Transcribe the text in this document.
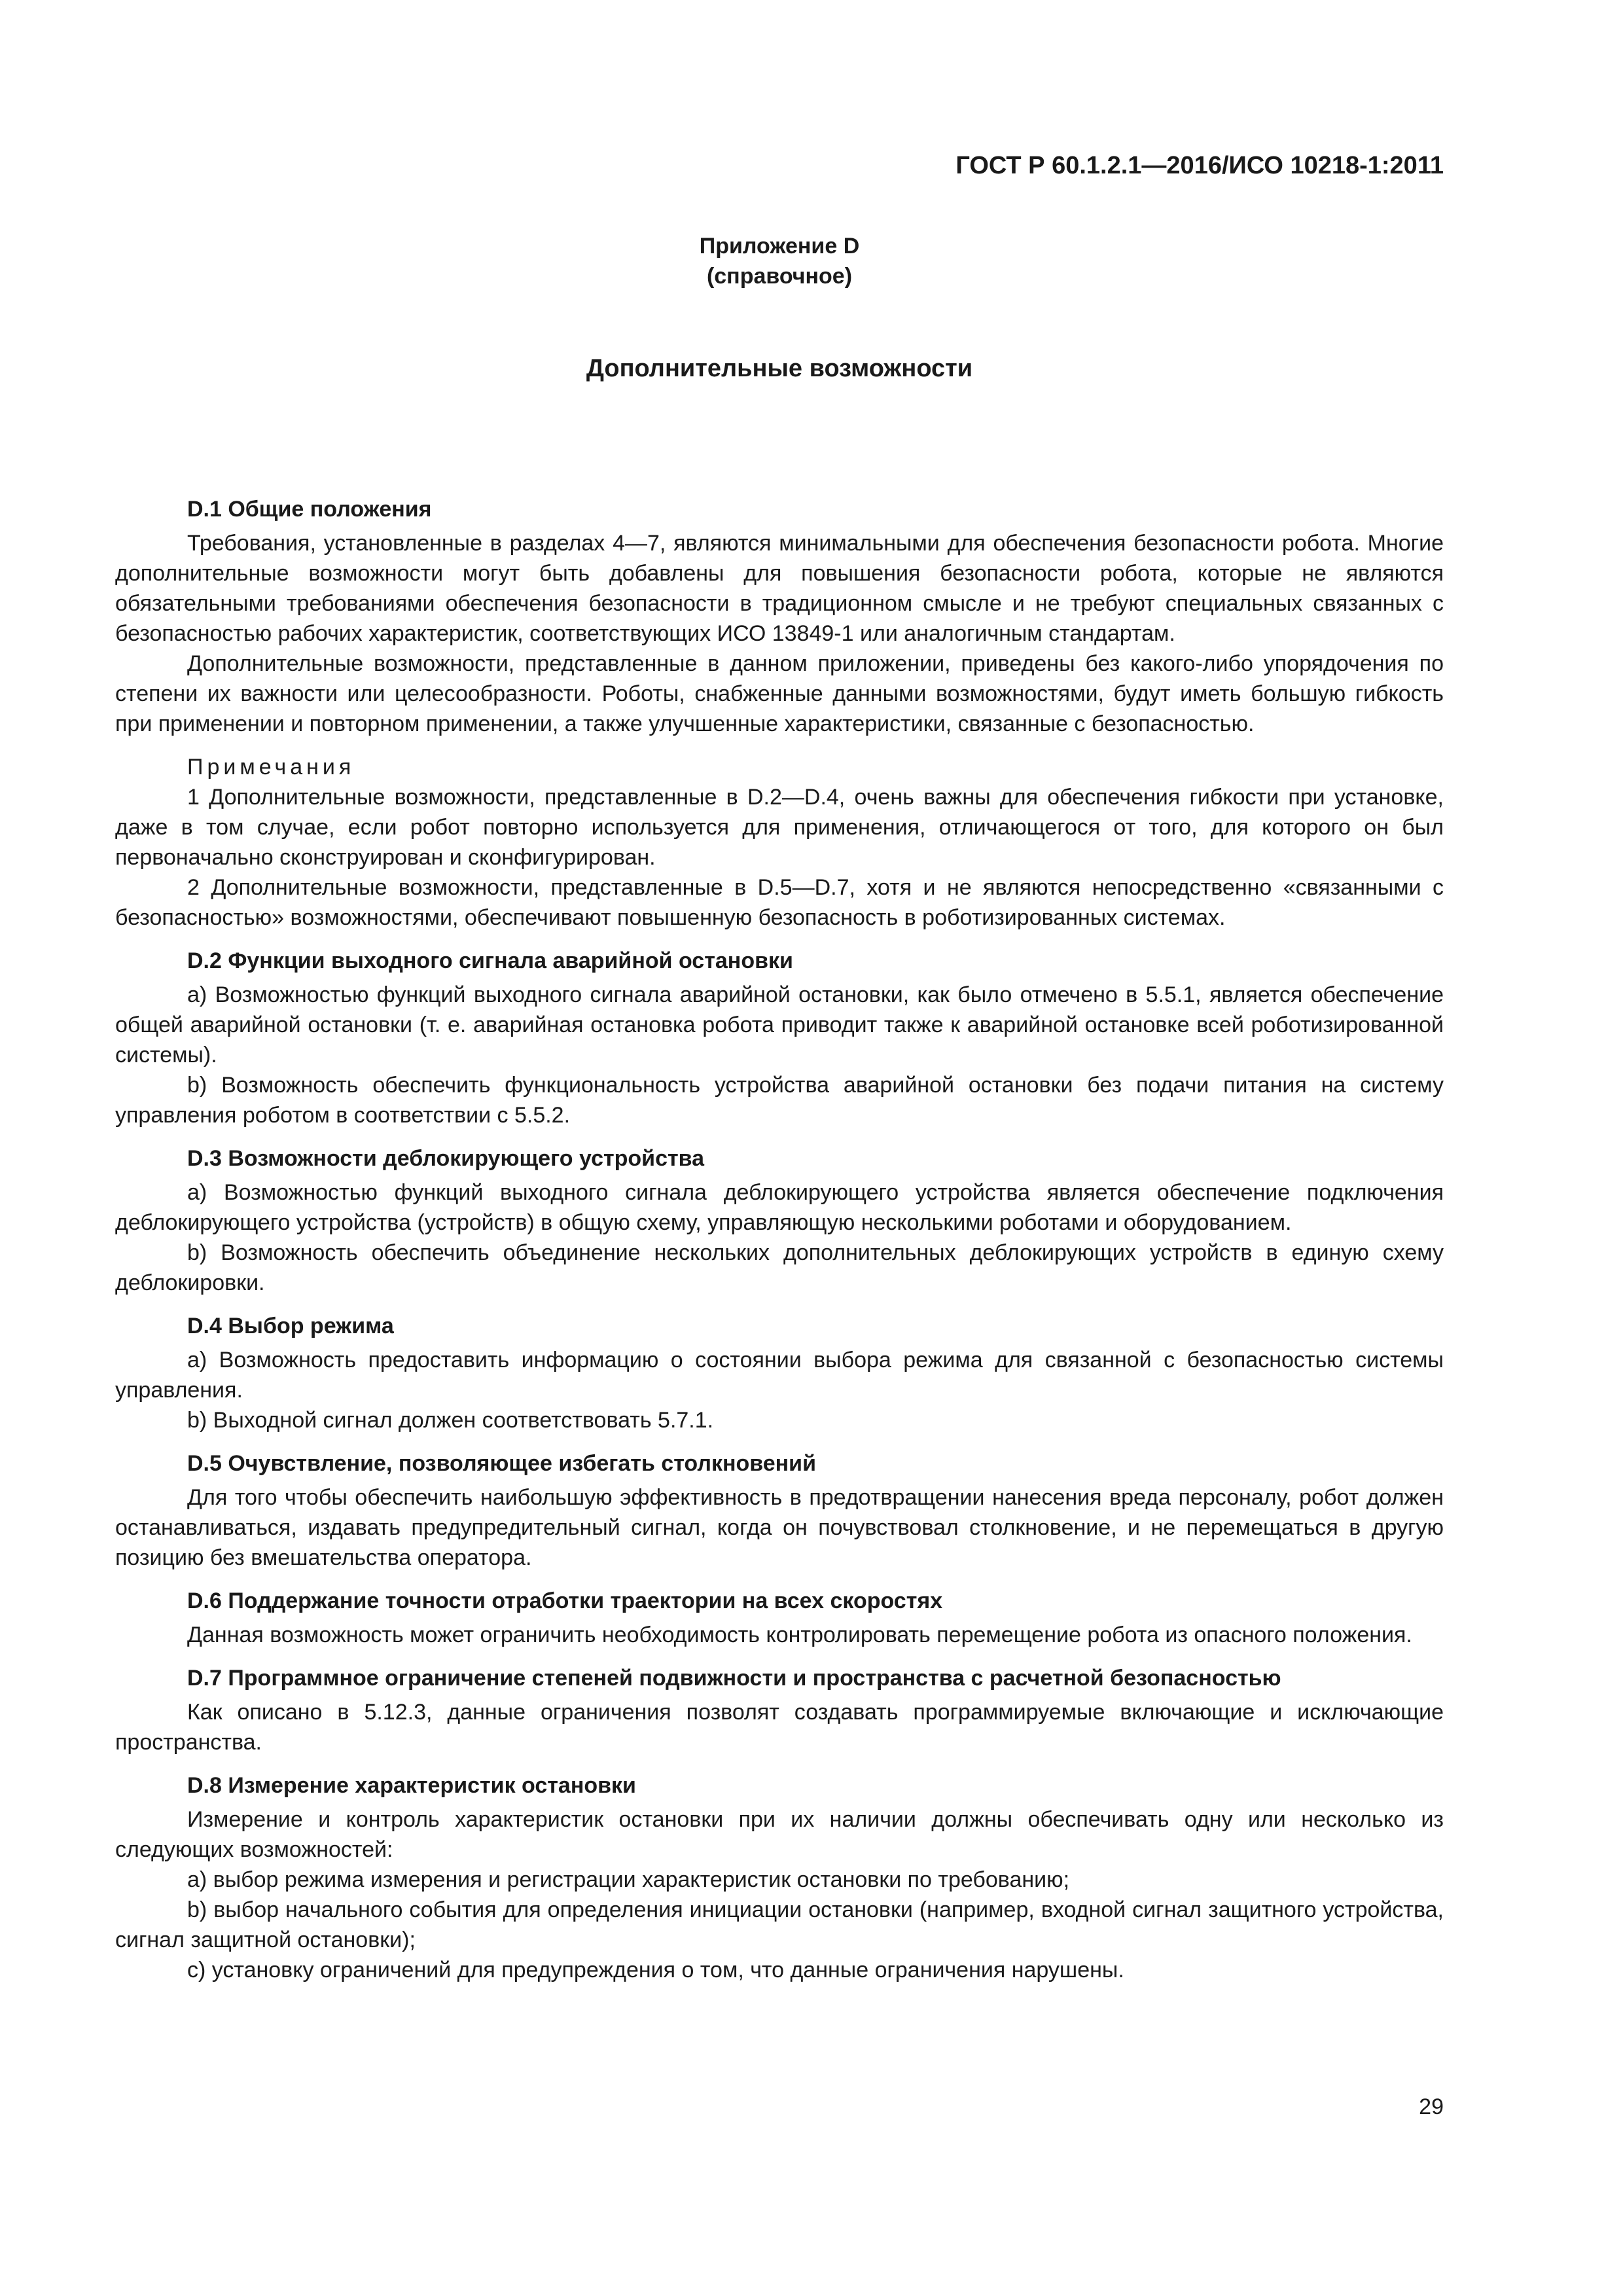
ГОСТ Р 60.1.2.1—2016/ИСО 10218-1:2011
Приложение D
(справочное)
Дополнительные возможности
D.1 Общие положения

Требования, установленные в разделах 4—7, являются минимальными для обеспечения безопасности робота. Многие дополнительные возможности могут быть добавлены для повышения безопасности робота, которые не являются обязательными требованиями обеспечения безопасности в традиционном смысле и не требуют специальных связанных с безопасностью рабочих характеристик, соответствующих ИСО 13849-1 или аналогичным стандартам.

Дополнительные возможности, представленные в данном приложении, приведены без какого-либо упорядочения по степени их важности или целесообразности. Роботы, снабженные данными возможностями, будут иметь большую гибкость при применении и повторном применении, а также улучшенные характеристики, связанные с безопасностью.

Примечания

1 Дополнительные возможности, представленные в D.2—D.4, очень важны для обеспечения гибкости при установке, даже в том случае, если робот повторно используется для применения, отличающегося от того, для которого он был первоначально сконструирован и сконфигурирован.

2 Дополнительные возможности, представленные в D.5—D.7, хотя и не являются непосредственно «связанными с безопасностью» возможностями, обеспечивают повышенную безопасность в роботизированных системах.

D.2 Функции выходного сигнала аварийной остановки

а) Возможностью функций выходного сигнала аварийной остановки, как было отмечено в 5.5.1, является обеспечение общей аварийной остановки (т. е. аварийная остановка робота приводит также к аварийной остановке всей роботизированной системы).

b) Возможность обеспечить функциональность устройства аварийной остановки без подачи питания на систему управления роботом в соответствии с 5.5.2.

D.3 Возможности деблокирующего устройства

а) Возможностью функций выходного сигнала деблокирующего устройства является обеспечение подключения деблокирующего устройства (устройств) в общую схему, управляющую несколькими роботами и оборудованием.

b) Возможность обеспечить объединение нескольких дополнительных деблокирующих устройств в единую схему деблокировки.

D.4 Выбор режима

а) Возможность предоставить информацию о состоянии выбора режима для связанной с безопасностью системы управления.

b) Выходной сигнал должен соответствовать 5.7.1.

D.5 Очувствление, позволяющее избегать столкновений

Для того чтобы обеспечить наибольшую эффективность в предотвращении нанесения вреда персоналу, робот должен останавливаться, издавать предупредительный сигнал, когда он почувствовал столкновение, и не перемещаться в другую позицию без вмешательства оператора.

D.6 Поддержание точности отработки траектории на всех скоростях

Данная возможность может ограничить необходимость контролировать перемещение робота из опасного положения.

D.7 Программное ограничение степеней подвижности и пространства с расчетной безопасностью

Как описано в 5.12.3, данные ограничения позволят создавать программируемые включающие и исключающие пространства.

D.8 Измерение характеристик остановки

Измерение и контроль характеристик остановки при их наличии должны обеспечивать одну или несколько из следующих возможностей:

а) выбор режима измерения и регистрации характеристик остановки по требованию;

b) выбор начального события для определения инициации остановки (например, входной сигнал защитного устройства, сигнал защитной остановки);

с) установку ограничений для предупреждения о том, что данные ограничения нарушены.

29
